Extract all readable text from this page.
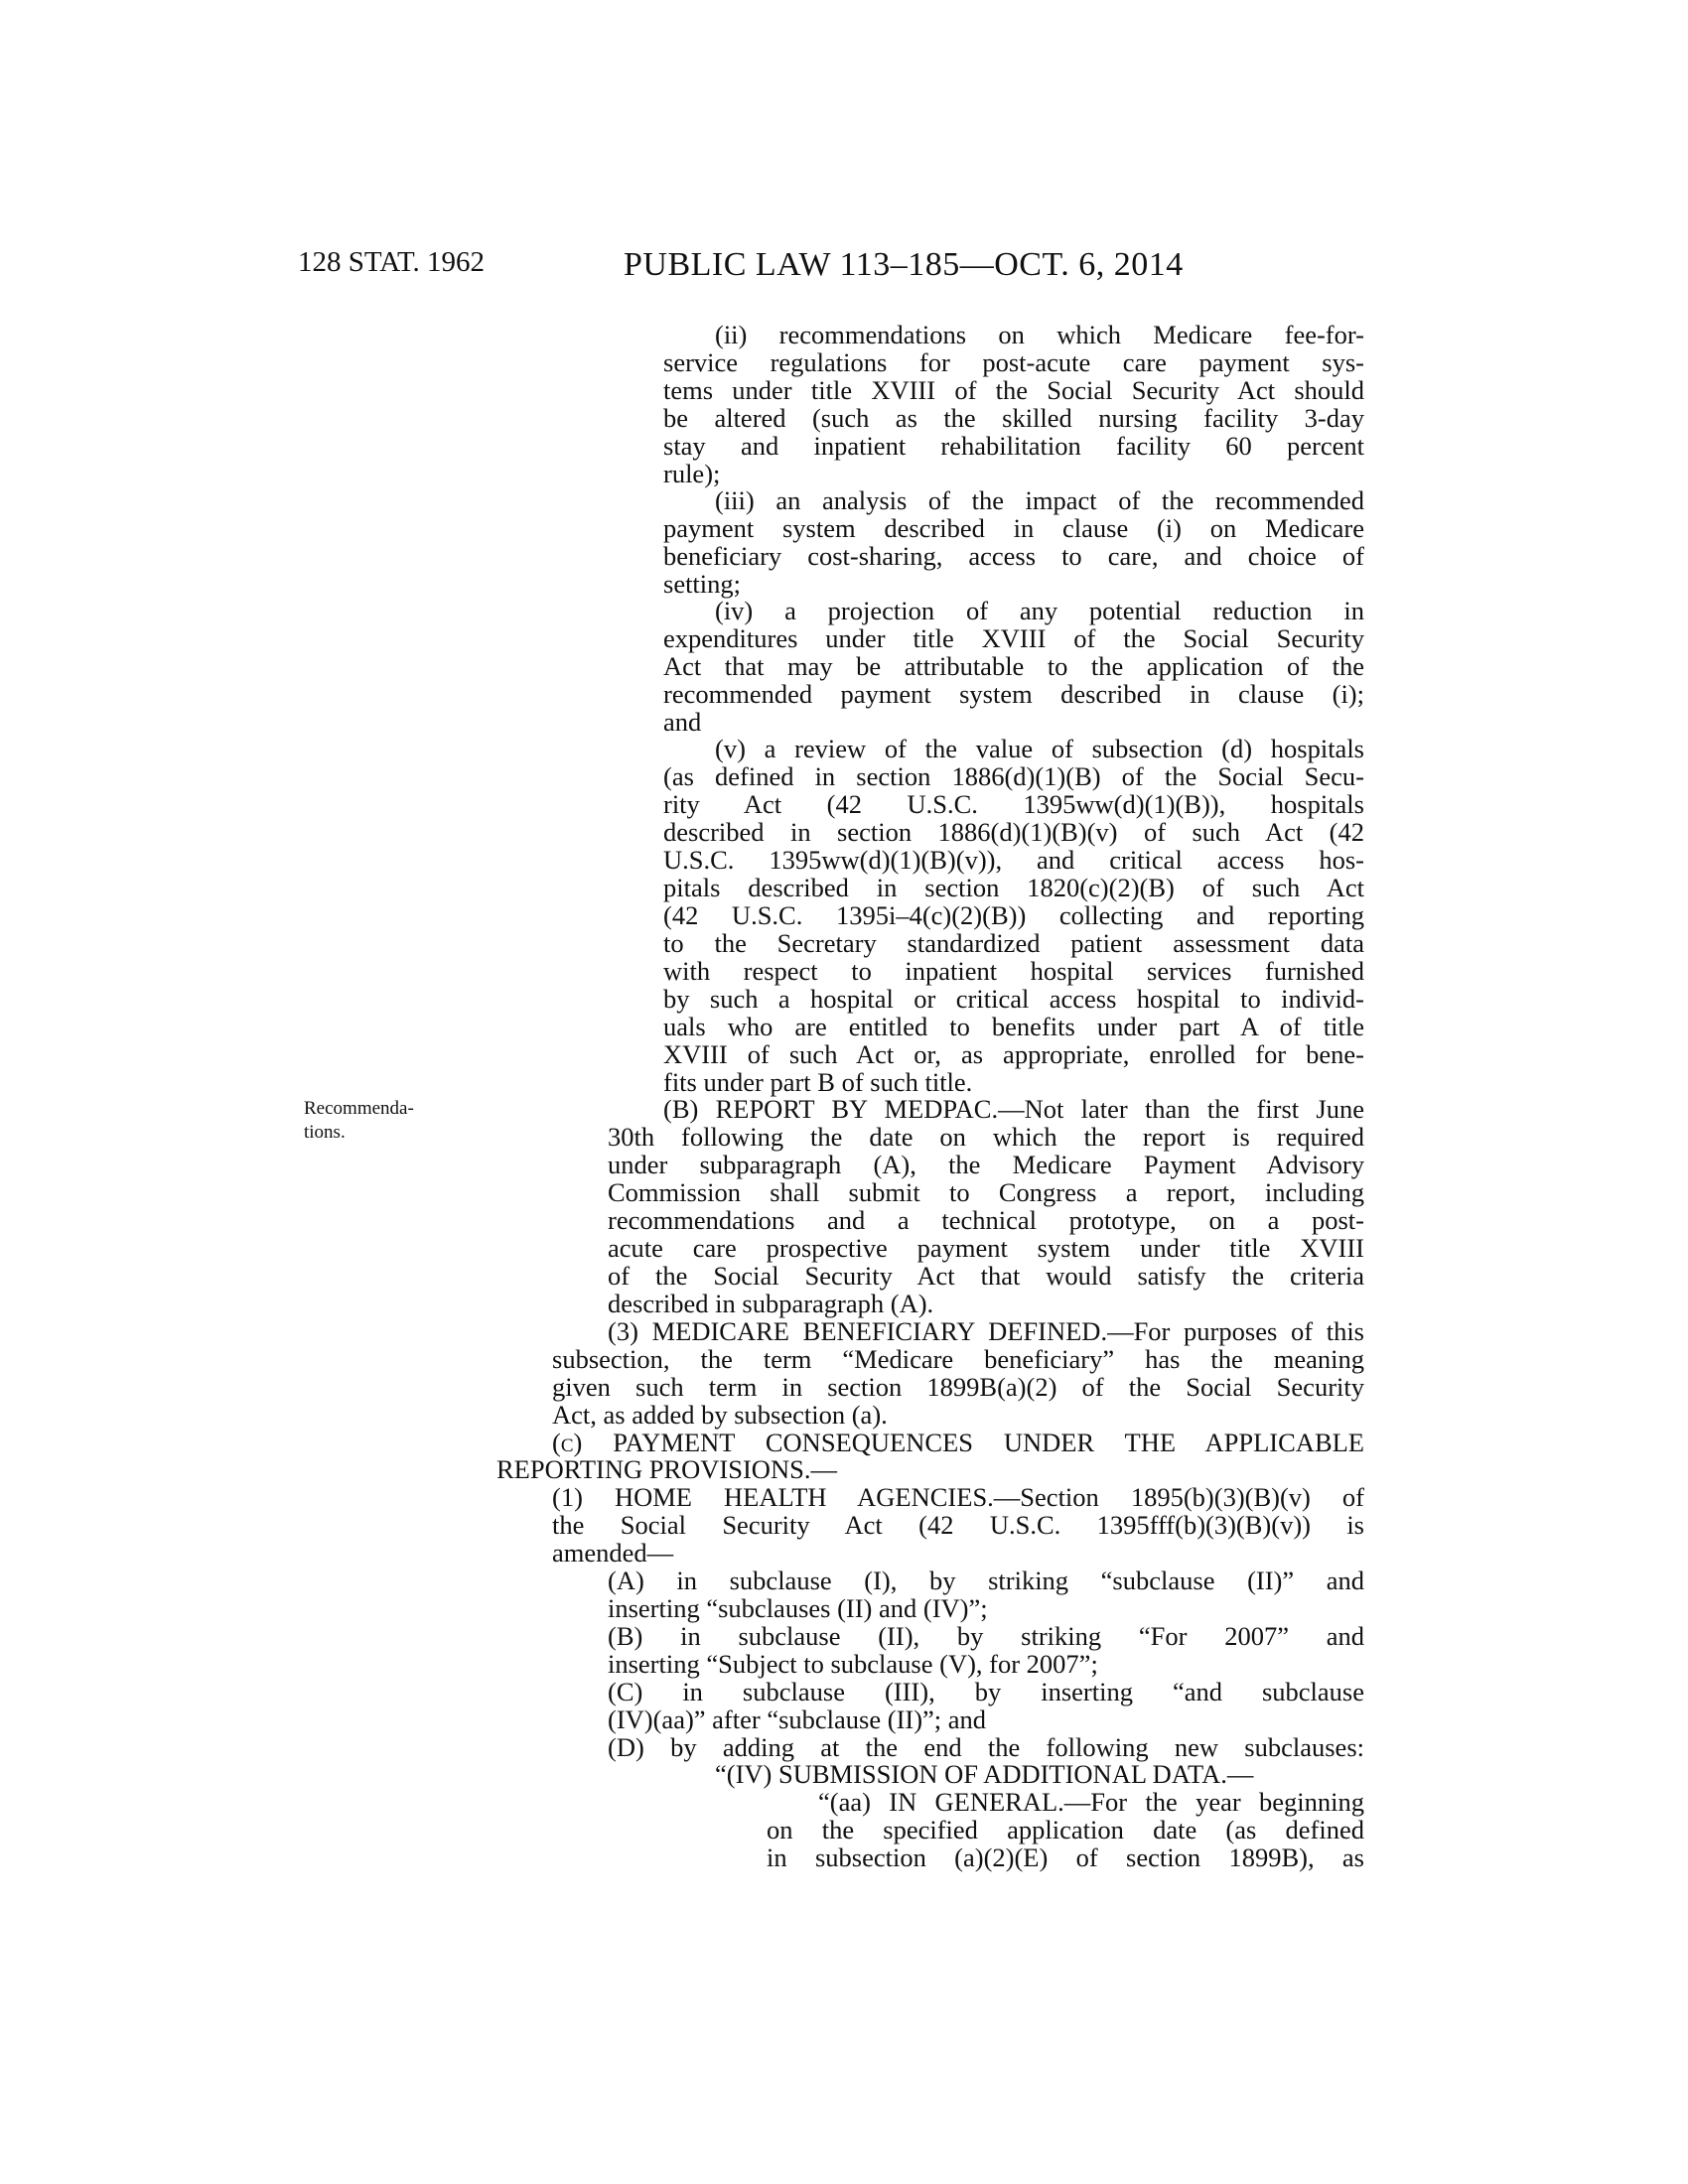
128 STAT. 1962	PUBLIC LAW 113–185—OCT. 6, 2014
Recommenda-
tions.
(ii) recommendations on which Medicare fee-for-
service regulations for post-acute care payment sys-
tems under title XVIII of the Social Security Act should
be altered (such as the skilled nursing facility 3-day
stay and inpatient rehabilitation facility 60 percent
rule);
(iii) an analysis of the impact of the recommended
payment system described in clause (i) on Medicare
beneficiary cost-sharing, access to care, and choice of
setting;
(iv) a projection of any potential reduction in
expenditures under title XVIII of the Social Security
Act that may be attributable to the application of the
recommended payment system described in clause (i);
and
(v) a review of the value of subsection (d) hospitals
(as defined in section 1886(d)(1)(B) of the Social Secu-
rity Act (42 U.S.C. 1395ww(d)(1)(B)), hospitals
described in section 1886(d)(1)(B)(v) of such Act (42
U.S.C. 1395ww(d)(1)(B)(v)), and critical access hos-
pitals described in section 1820(c)(2)(B) of such Act
(42 U.S.C. 1395i–4(c)(2)(B)) collecting and reporting
to the Secretary standardized patient assessment data
with respect to inpatient hospital services furnished
by such a hospital or critical access hospital to individ-
uals who are entitled to benefits under part A of title
XVIII of such Act or, as appropriate, enrolled for bene-
fits under part B of such title.
(B) REPORT BY MEDPAC.—Not later than the first June
30th following the date on which the report is required
under subparagraph (A), the Medicare Payment Advisory
Commission shall submit to Congress a report, including
recommendations and a technical prototype, on a post-
acute care prospective payment system under title XVIII
of the Social Security Act that would satisfy the criteria
described in subparagraph (A).
(3) MEDICARE BENEFICIARY DEFINED.—For purposes of this
subsection, the term “Medicare beneficiary” has the meaning
given such term in section 1899B(a)(2) of the Social Security
Act, as added by subsection (a).
(c) PAYMENT CONSEQUENCES UNDER THE APPLICABLE
REPORTING PROVISIONS.—
(1) HOME HEALTH AGENCIES.—Section 1895(b)(3)(B)(v) of
the Social Security Act (42 U.S.C. 1395fff(b)(3)(B)(v)) is
amended—
(A) in subclause (I), by striking “subclause (II)” and
inserting “subclauses (II) and (IV)”;
(B) in subclause (II), by striking “For 2007” and
inserting “Subject to subclause (V), for 2007”;
(C) in subclause (III), by inserting “and subclause
(IV)(aa)” after “subclause (II)”; and
(D) by adding at the end the following new subclauses:
“(IV) SUBMISSION OF ADDITIONAL DATA.—
“(aa) IN GENERAL.—For the year beginning
on the specified application date (as defined
in subsection (a)(2)(E) of section 1899B), as
